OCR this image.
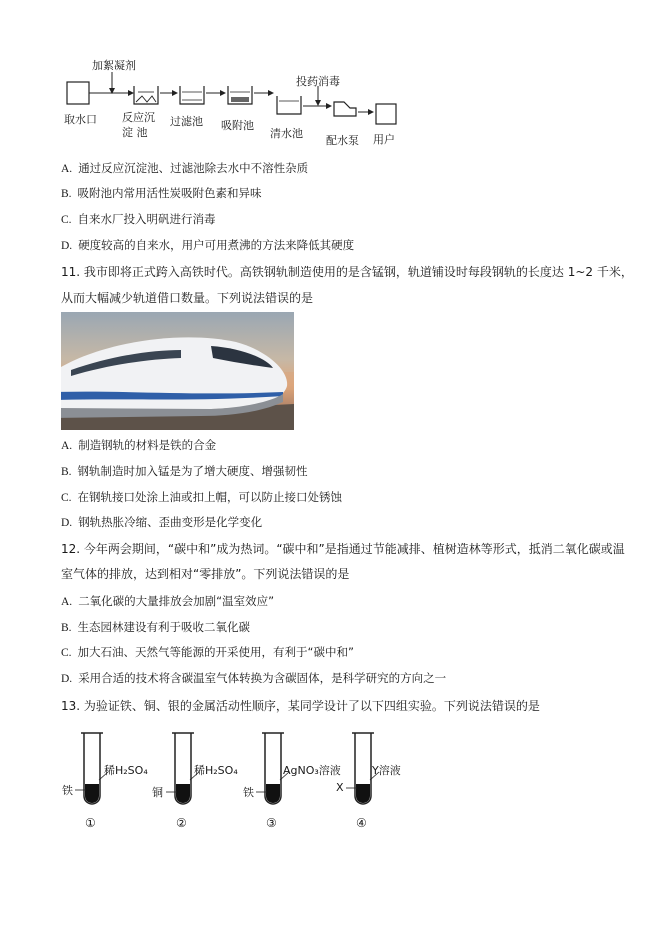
加絮凝剂
投药消毒
取水口 反应沉
淀 池
过滤池 吸附池
清水池
配水泵 用户
A. 通过反应沉淀池、过滤池除去水中不溶性杂质
B. 吸附池内常用活性炭吸附色素和异味
C. 自来水厂投入明矾进行消毒
D. 硬度较高的自来水，用户可用煮沸的方法来降低其硬度
11. 我市即将正式跨入高铁时代。高铁钢轨制造使用的是含锰钢，轨道铺设时每段钢轨的长度达 1~2 千米，
从而大幅减少轨道借口数量。下列说法错误的是
A. 制造钢轨的材料是铁的合金
B. 钢轨制造时加入锰是为了增大硬度、增强韧性
C. 在钢轨接口处涂上油或扣上帽，可以防止接口处锈蚀
D. 钢轨热胀冷缩、歪曲变形是化学变化
12. 今年两会期间，“碳中和”成为热词。“碳中和”是指通过节能减排、植树造林等形式，抵消二氧化碳或温
室气体的排放，达到相对“零排放”。下列说法错误的是
A. 二氧化碳的大量排放会加剧“温室效应”
B. 生态园林建设有利于吸收二氧化碳
C. 加大石油、天然气等能源的开采使用，有利于“碳中和”
D. 采用合适的技术将含碳温室气体转换为含碳固体，是科学研究的方向之一
13. 为验证铁、铜、银的金属活动性顺序，某同学设计了以下四组实验。下列说法错误的是
铁
稀H₂SO₄
①
铜
稀H₂SO₄
②
铁
AgNO₃溶液
③
X
Y溶液
④
